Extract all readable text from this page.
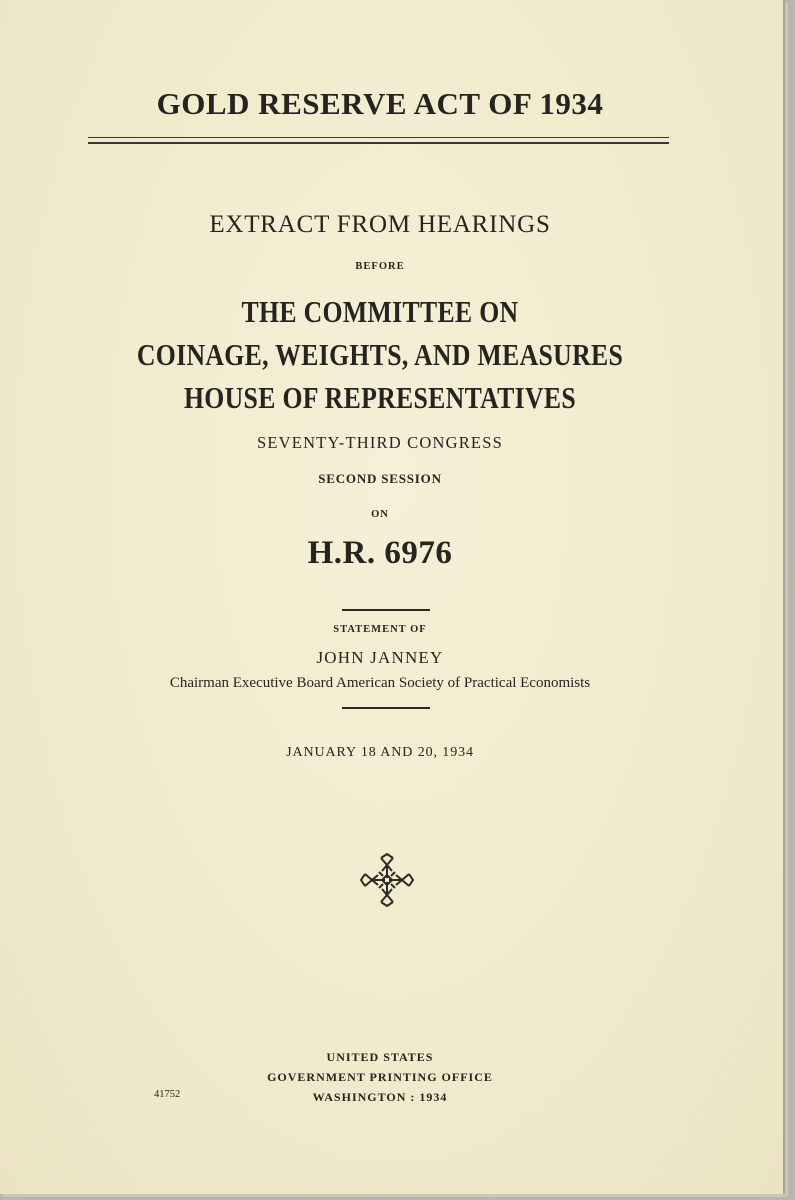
GOLD RESERVE ACT OF 1934
EXTRACT FROM HEARINGS
BEFORE
THE COMMITTEE ON
COINAGE, WEIGHTS, AND MEASURES
HOUSE OF REPRESENTATIVES
SEVENTY-THIRD CONGRESS
SECOND SESSION
ON
H.R. 6976
STATEMENT OF
JOHN JANNEY
Chairman Executive Board American Society of Practical Economists
JANUARY 18 AND 20, 1934
UNITED STATES
GOVERNMENT PRINTING OFFICE
WASHINGTON : 1934
41752
